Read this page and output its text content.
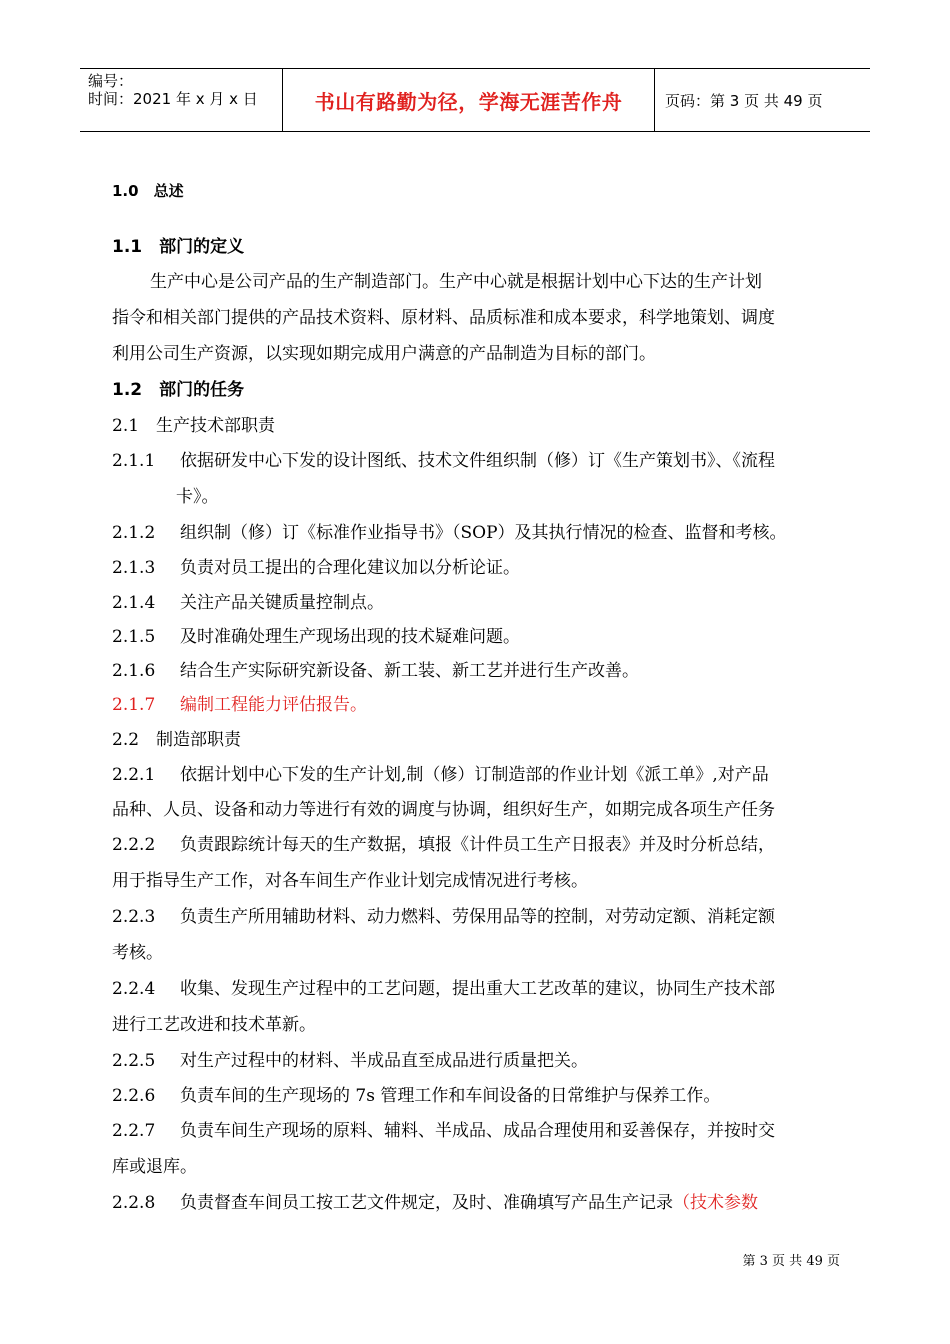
编号：
时间：2021 年 x 月 x 日	书山有路勤为径，学海无涯苦作舟	页码：第 3 页 共 49 页
1.0　总述
1.1　部门的定义
生产中心是公司产品的生产制造部门。生产中心就是根据计划中心下达的生产计划
指令和相关部门提供的产品技术资料、原材料、品质标准和成本要求，科学地策划、调度
利用公司生产资源，以实现如期完成用户满意的产品制造为目标的部门。
1.2　部门的任务
2.1　生产技术部职责
2.1.1 依据研发中心下发的设计图纸、技术文件组织制（修）订《生产策划书》、《流程
卡》。
2.1.2 组织制（修）订《标准作业指导书》（SOP）及其执行情况的检查、监督和考核。
2.1.3 负责对员工提出的合理化建议加以分析论证。
2.1.4 关注产品关键质量控制点。
2.1.5 及时准确处理生产现场出现的技术疑难问题。
2.1.6 结合生产实际研究新设备、新工装、新工艺并进行生产改善。
2.1.7 编制工程能力评估报告。
2.2　制造部职责
2.2.1 依据计划中心下发的生产计划,制（修）订制造部的作业计划《派工单》,对产品
品种、人员、设备和动力等进行有效的调度与协调，组织好生产，如期完成各项生产任务
2.2.2 负责跟踪统计每天的生产数据，填报《计件员工生产日报表》并及时分析总结，
用于指导生产工作，对各车间生产作业计划完成情况进行考核。
2.2.3 负责生产所用辅助材料、动力燃料、劳保用品等的控制，对劳动定额、消耗定额
考核。
2.2.4 收集、发现生产过程中的工艺问题，提出重大工艺改革的建议，协同生产技术部
进行工艺改进和技术革新。
2.2.5 对生产过程中的材料、半成品直至成品进行质量把关。
2.2.6 负责车间的生产现场的 7s 管理工作和车间设备的日常维护与保养工作。
2.2.7 负责车间生产现场的原料、辅料、半成品、成品合理使用和妥善保存，并按时交
库或退库。
2.2.8 负责督查车间员工按工艺文件规定，及时、准确填写产品生产记录（技术参数
第 3 页 共 49 页
